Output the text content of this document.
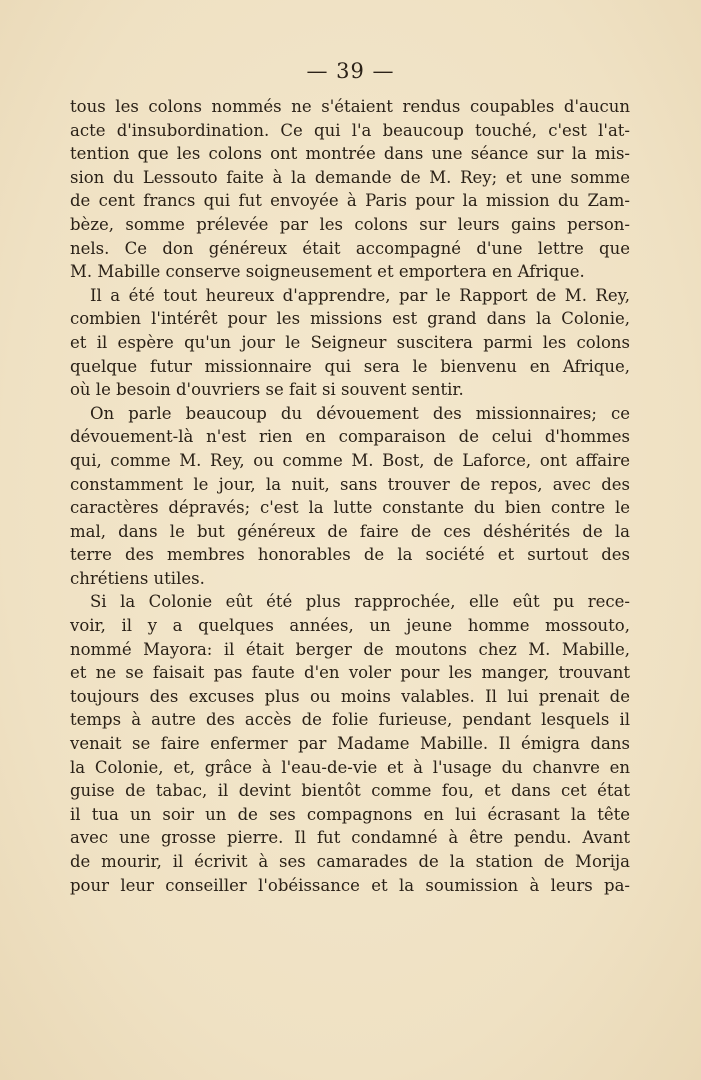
— 39 —
tous les colons nommés ne s'étaient rendus coupables d'aucun
acte d'insubordination. Ce qui l'a beaucoup touché, c'est l'at-
tention que les colons ont montrée dans une séance sur la mis-
sion du Lessouto faite à la demande de M. Rey; et une somme
de cent francs qui fut envoyée à Paris pour la mission du Zam-
bèze, somme prélevée par les colons sur leurs gains person-
nels. Ce don généreux était accompagné d'une lettre que
M. Mabille conserve soigneusement et emportera en Afrique.
Il a été tout heureux d'apprendre, par le Rapport de M. Rey,
combien l'intérêt pour les missions est grand dans la Colonie,
et il espère qu'un jour le Seigneur suscitera parmi les colons
quelque futur missionnaire qui sera le bienvenu en Afrique,
où le besoin d'ouvriers se fait si souvent sentir.
On parle beaucoup du dévouement des missionnaires; ce
dévouement-là n'est rien en comparaison de celui d'hommes
qui, comme M. Rey, ou comme M. Bost, de Laforce, ont affaire
constamment le jour, la nuit, sans trouver de repos, avec des
caractères dépravés; c'est la lutte constante du bien contre le
mal, dans le but généreux de faire de ces déshérités de la
terre des membres honorables de la société et surtout des
chrétiens utiles.
Si la Colonie eût été plus rapprochée, elle eût pu rece-
voir, il y a quelques années, un jeune homme mossouto,
nommé Mayora: il était berger de moutons chez M. Mabille,
et ne se faisait pas faute d'en voler pour les manger, trouvant
toujours des excuses plus ou moins valables. Il lui prenait de
temps à autre des accès de folie furieuse, pendant lesquels il
venait se faire enfermer par Madame Mabille. Il émigra dans
la Colonie, et, grâce à l'eau-de-vie et à l'usage du chanvre en
guise de tabac, il devint bientôt comme fou, et dans cet état
il tua un soir un de ses compagnons en lui écrasant la tête
avec une grosse pierre. Il fut condamné à être pendu. Avant
de mourir, il écrivit à ses camarades de la station de Morija
pour leur conseiller l'obéissance et la soumission à leurs pa-
